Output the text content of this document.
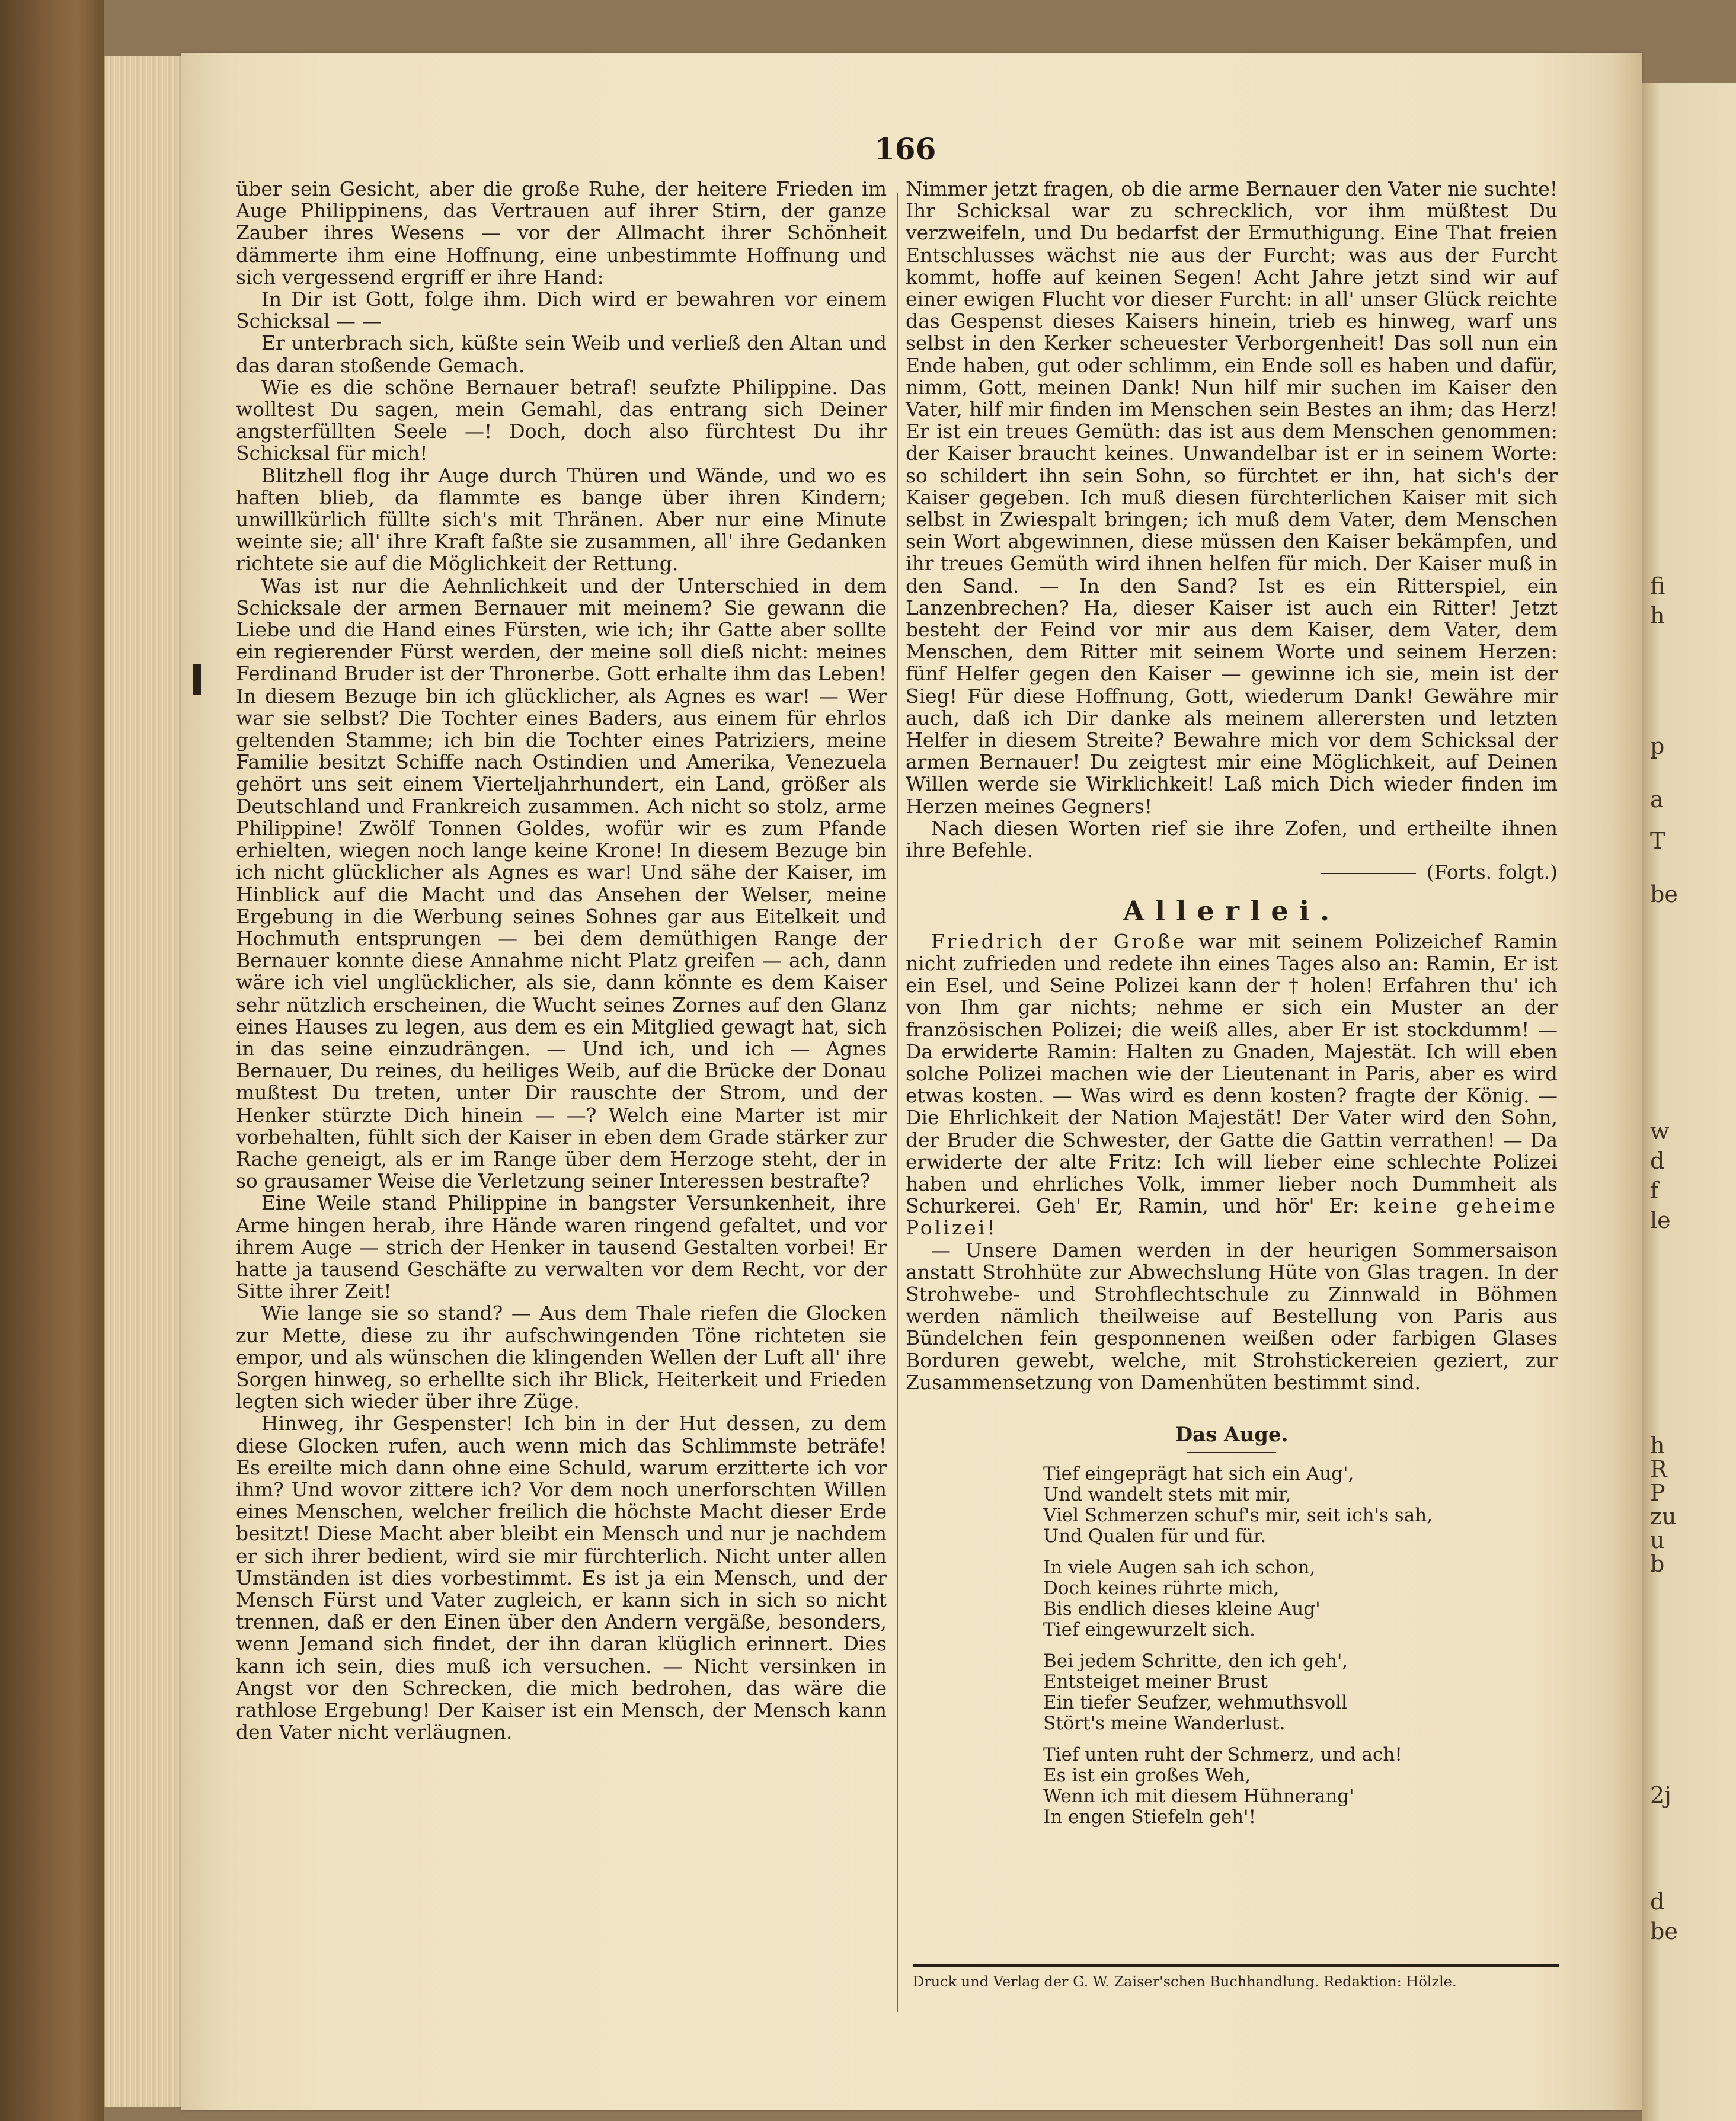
fi
h
p
a
T
be
w
d
f
le
h
R
P
zu
u
b
2j
d
be
166

über sein Gesicht, aber die große Ruhe, der heitere Frieden im Auge Philippinens, das Vertrauen auf ihrer Stirn, der ganze Zauber ihres Wesens — vor der Allmacht ihrer Schönheit dämmerte ihm eine Hoffnung, eine unbestimmte Hoffnung und sich vergessend ergriff er ihre Hand:

In Dir ist Gott, folge ihm. Dich wird er bewahren vor einem Schicksal — —

Er unterbrach sich, küßte sein Weib und verließ den Altan und das daran stoßende Gemach.

Wie es die schöne Bernauer betraf! seufzte Philippine. Das wolltest Du sagen, mein Gemahl, das entrang sich Deiner angsterfüllten Seele —! Doch, doch also fürchtest Du ihr Schicksal für mich!

Blitzhell flog ihr Auge durch Thüren und Wände, und wo es haften blieb, da flammte es bange über ihren Kindern; unwillkürlich füllte sich's mit Thränen. Aber nur eine Minute weinte sie; all' ihre Kraft faßte sie zusammen, all' ihre Gedanken richtete sie auf die Möglichkeit der Rettung.

Was ist nur die Aehnlichkeit und der Unterschied in dem Schicksale der armen Bernauer mit meinem? Sie gewann die Liebe und die Hand eines Fürsten, wie ich; ihr Gatte aber sollte ein regierender Fürst werden, der meine soll dieß nicht: meines Ferdinand Bruder ist der Thronerbe. Gott erhalte ihm das Leben! In diesem Bezuge bin ich glücklicher, als Agnes es war! — Wer war sie selbst? Die Tochter eines Baders, aus einem für ehrlos geltenden Stamme; ich bin die Tochter eines Patriziers, meine Familie besitzt Schiffe nach Ostindien und Amerika, Venezuela gehört uns seit einem Vierteljahrhundert, ein Land, größer als Deutschland und Frankreich zusammen. Ach nicht so stolz, arme Philippine! Zwölf Tonnen Goldes, wofür wir es zum Pfande erhielten, wiegen noch lange keine Krone! In diesem Bezuge bin ich nicht glücklicher als Agnes es war! Und sähe der Kaiser, im Hinblick auf die Macht und das Ansehen der Welser, meine Ergebung in die Werbung seines Sohnes gar aus Eitelkeit und Hochmuth entsprungen — bei dem demüthigen Range der Bernauer konnte diese Annahme nicht Platz greifen — ach, dann wäre ich viel unglücklicher, als sie, dann könnte es dem Kaiser sehr nützlich erscheinen, die Wucht seines Zornes auf den Glanz eines Hauses zu legen, aus dem es ein Mitglied gewagt hat, sich in das seine einzudrängen. — Und ich, und ich — Agnes Bernauer, Du reines, du heiliges Weib, auf die Brücke der Donau mußtest Du treten, unter Dir rauschte der Strom, und der Henker stürzte Dich hinein — —? Welch eine Marter ist mir vorbehalten, fühlt sich der Kaiser in eben dem Grade stärker zur Rache geneigt, als er im Range über dem Herzoge steht, der in so grausamer Weise die Verletzung seiner Interessen bestrafte?

Eine Weile stand Philippine in bangster Versunkenheit, ihre Arme hingen herab, ihre Hände waren ringend gefaltet, und vor ihrem Auge — strich der Henker in tausend Gestalten vorbei! Er hatte ja tausend Geschäfte zu verwalten vor dem Recht, vor der Sitte ihrer Zeit!

Wie lange sie so stand? — Aus dem Thale riefen die Glocken zur Mette, diese zu ihr aufschwingenden Töne richteten sie empor, und als wünschen die klingenden Wellen der Luft all' ihre Sorgen hinweg, so erhellte sich ihr Blick, Heiterkeit und Frieden legten sich wieder über ihre Züge.

Hinweg, ihr Gespenster! Ich bin in der Hut dessen, zu dem diese Glocken rufen, auch wenn mich das Schlimmste beträfe! Es ereilte mich dann ohne eine Schuld, warum erzitterte ich vor ihm? Und wovor zittere ich? Vor dem noch unerforschten Willen eines Menschen, welcher freilich die höchste Macht dieser Erde besitzt! Diese Macht aber bleibt ein Mensch und nur je nachdem er sich ihrer bedient, wird sie mir fürchterlich. Nicht unter allen Umständen ist dies vorbestimmt. Es ist ja ein Mensch, und der Mensch Fürst und Vater zugleich, er kann sich in sich so nicht trennen, daß er den Einen über den Andern vergäße, besonders, wenn Jemand sich findet, der ihn daran klüglich erinnert. Dies kann ich sein, dies muß ich versuchen. — Nicht versinken in Angst vor den Schrecken, die mich bedrohen, das wäre die rathlose Ergebung! Der Kaiser ist ein Mensch, der Mensch kann den Vater nicht verläugnen.

Nimmer jetzt fragen, ob die arme Bernauer den Vater nie suchte! Ihr Schicksal war zu schrecklich, vor ihm müßtest Du verzweifeln, und Du bedarfst der Ermuthigung. Eine That freien Entschlusses wächst nie aus der Furcht; was aus der Furcht kommt, hoffe auf keinen Segen! Acht Jahre jetzt sind wir auf einer ewigen Flucht vor dieser Furcht: in all' unser Glück reichte das Gespenst dieses Kaisers hinein, trieb es hinweg, warf uns selbst in den Kerker scheuester Verborgenheit! Das soll nun ein Ende haben, gut oder schlimm, ein Ende soll es haben und dafür, nimm, Gott, meinen Dank! Nun hilf mir suchen im Kaiser den Vater, hilf mir finden im Menschen sein Bestes an ihm; das Herz! Er ist ein treues Gemüth: das ist aus dem Menschen genommen: der Kaiser braucht keines. Unwandelbar ist er in seinem Worte: so schildert ihn sein Sohn, so fürchtet er ihn, hat sich's der Kaiser gegeben. Ich muß diesen fürchterlichen Kaiser mit sich selbst in Zwiespalt bringen; ich muß dem Vater, dem Menschen sein Wort abgewinnen, diese müssen den Kaiser bekämpfen, und ihr treues Gemüth wird ihnen helfen für mich. Der Kaiser muß in den Sand. — In den Sand? Ist es ein Ritterspiel, ein Lanzenbrechen? Ha, dieser Kaiser ist auch ein Ritter! Jetzt besteht der Feind vor mir aus dem Kaiser, dem Vater, dem Menschen, dem Ritter mit seinem Worte und seinem Herzen: fünf Helfer gegen den Kaiser — gewinne ich sie, mein ist der Sieg! Für diese Hoffnung, Gott, wiederum Dank! Gewähre mir auch, daß ich Dir danke als meinem allerersten und letzten Helfer in diesem Streite? Bewahre mich vor dem Schicksal der armen Bernauer! Du zeigtest mir eine Möglichkeit, auf Deinen Willen werde sie Wirklichkeit! Laß mich Dich wieder finden im Herzen meines Gegners!

Nach diesen Worten rief sie ihre Zofen, und ertheilte ihnen ihre Befehle.

(Forts. folgt.)

Allerlei.

Friedrich der Große war mit seinem Polizeichef Ramin nicht zufrieden und redete ihn eines Tages also an: Ramin, Er ist ein Esel, und Seine Polizei kann der † holen! Erfahren thu' ich von Ihm gar nichts; nehme er sich ein Muster an der französischen Polizei; die weiß alles, aber Er ist stockdumm! — Da erwiderte Ramin: Halten zu Gnaden, Majestät. Ich will eben solche Polizei machen wie der Lieutenant in Paris, aber es wird etwas kosten. — Was wird es denn kosten? fragte der König. — Die Ehrlichkeit der Nation Majestät! Der Vater wird den Sohn, der Bruder die Schwester, der Gatte die Gattin verrathen! — Da erwiderte der alte Fritz: Ich will lieber eine schlechte Polizei haben und ehrliches Volk, immer lieber noch Dummheit als Schurkerei. Geh' Er, Ramin, und hör' Er: keine geheime Polizei!

— Unsere Damen werden in der heurigen Sommersaison anstatt Strohhüte zur Abwechslung Hüte von Glas tragen. In der Strohwebe- und Strohflechtschule zu Zinnwald in Böhmen werden nämlich theilweise auf Bestellung von Paris aus Bündelchen fein gesponnenen weißen oder farbigen Glases Borduren gewebt, welche, mit Strohstickereien geziert, zur Zusammensetzung von Damenhüten bestimmt sind.

Das Auge.
Tief eingeprägt hat sich ein Aug',
Und wandelt stets mit mir,
Viel Schmerzen schuf's mir, seit ich's sah,
Und Qualen für und für.
In viele Augen sah ich schon,
Doch keines rührte mich,
Bis endlich dieses kleine Aug'
Tief eingewurzelt sich.
Bei jedem Schritte, den ich geh',
Entsteiget meiner Brust
Ein tiefer Seufzer, wehmuthsvoll
Stört's meine Wanderlust.
Tief unten ruht der Schmerz, und ach!
Es ist ein großes Weh,
Wenn ich mit diesem Hühnerang'
In engen Stiefeln geh'!
Druck und Verlag der G. W. Zaiser'schen Buchhandlung. Redaktion: Hölzle.
